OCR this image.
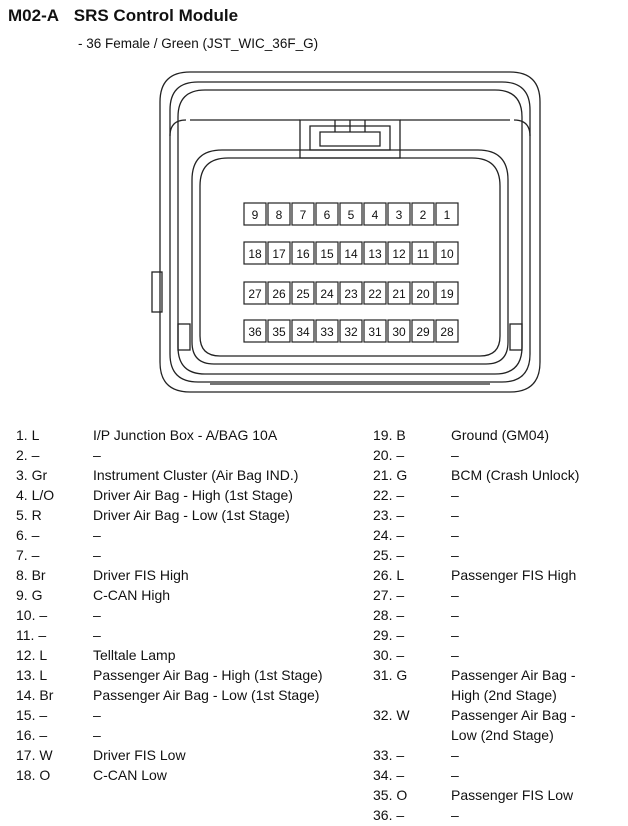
M02-A SRS Control Module
- 36 Female / Green (JST_WIC_36F_G)
9 8 7 6 5 4 3 2 1
18 17 16 15 14 13 12 11 10
27 26 25 24 23 22 21 20 19
36 35 34 33 32 31 30 29 28
1. L	I/P Junction Box - A/BAG 10A
2. –	–
3. Gr	Instrument Cluster (Air Bag IND.)
4. L/O	Driver Air Bag - High (1st Stage)
5. R	Driver Air Bag - Low (1st Stage)
6. –	–
7. –	–
8. Br	Driver FIS High
9. G	C-CAN High
10. –	–
11. –	–
12. L	Telltale Lamp
13. L	Passenger Air Bag - High (1st Stage)
14. Br	Passenger Air Bag - Low (1st Stage)
15. –	–
16. –	–
17. W	Driver FIS Low
18. O	C-CAN Low
19. B	Ground (GM04)
20. –	–
21. G	BCM (Crash Unlock)
22. –	–
23. –	–
24. –	–
25. –	–
26. L	Passenger FIS High
27. –	–
28. –	–
29. –	–
30. –	–
31. G	Passenger Air Bag -
High (2nd Stage)
32. W	Passenger Air Bag -
Low (2nd Stage)
33. –	–
34. –	–
35. O	Passenger FIS Low
36. –	–
